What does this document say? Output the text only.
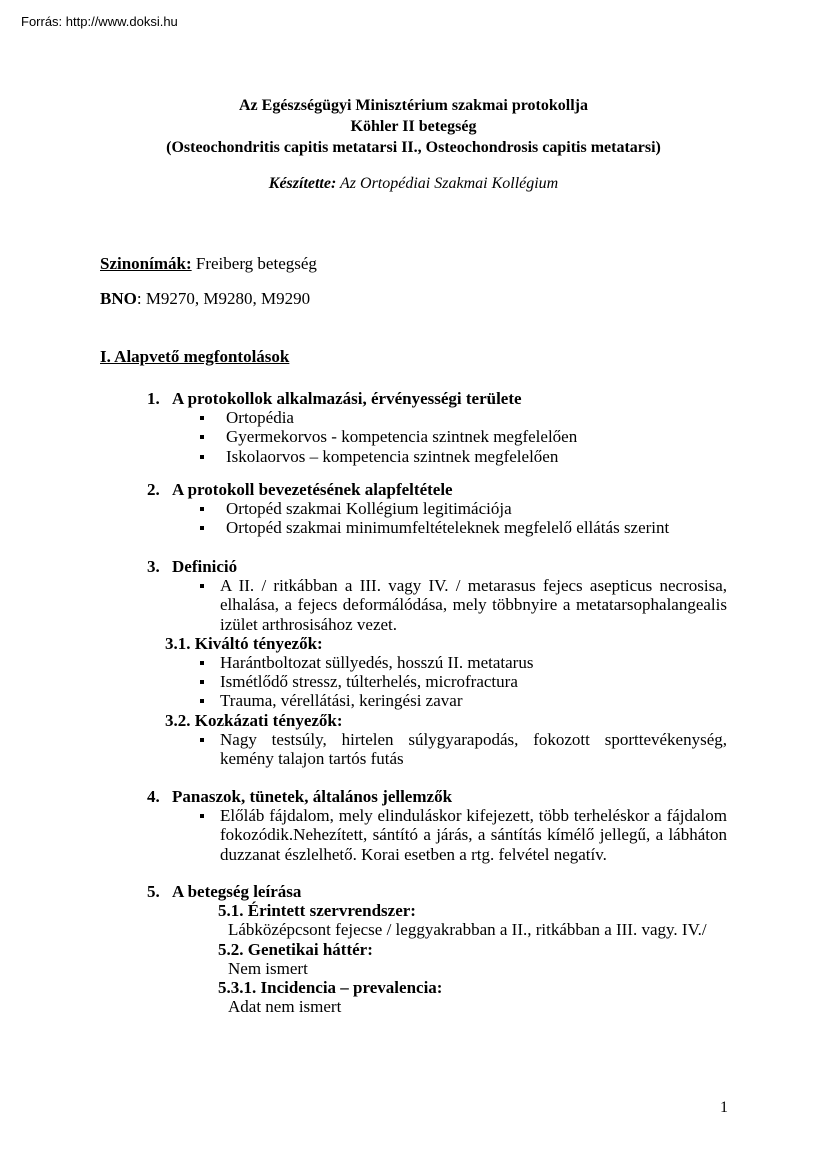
Forrás: http://www.doksi.hu
Az Egészségügyi Minisztérium szakmai protokollja
Köhler II betegség
(Osteochondritis capitis metatarsi II., Osteochondrosis capitis metatarsi)
Készítette: Az Ortopédiai Szakmai Kollégium
Szinonímák: Freiberg betegség
BNO: M9270, M9280, M9290
I. Alapvető megfontolások
1. A protokollok alkalmazási, érvényességi területe
Ortopédia
Gyermekorvos - kompetencia szintnek megfelelően
Iskolaorvos – kompetencia szintnek megfelelően
2. A protokoll bevezetésének alapfeltétele
Ortopéd szakmai Kollégium legitimációja
Ortopéd szakmai minimumfeltételeknek megfelelő ellátás szerint
3. Definició
A II. / ritkábban a III. vagy IV. / metarasus fejecs asepticus necrosisa, elhalása, a fejecs deformálódása, mely többnyire a metatarsophalangealis izület arthrosisához vezet.
3.1. Kiváltó tényezők:
Harántboltozat süllyedés, hosszú II. metatarus
Ismétlődő stressz, túlterhelés, microfractura
Trauma, vérellátási, keringési zavar
3.2. Kozkázati tényezők:
Nagy testsúly, hirtelen súlygyarapodás, fokozott sporttevékenység, kemény talajon tartós futás
4. Panaszok, tünetek, általános jellemzők
Előláb fájdalom, mely elinduláskor kifejezett, több terheléskor a fájdalom fokozódik.Nehezített, sántító a járás, a sántítás kímélő jellegű, a lábháton duzzanat észlelhető. Korai esetben a rtg. felvétel negatív.
5. A betegség leírása
5.1. Érintett szervrendszer:
Lábközépcsont fejecse / leggyakrabban a II., ritkábban a III. vagy. IV./
5.2. Genetikai háttér:
Nem ismert
5.3.1. Incidencia – prevalencia:
Adat nem ismert
1
